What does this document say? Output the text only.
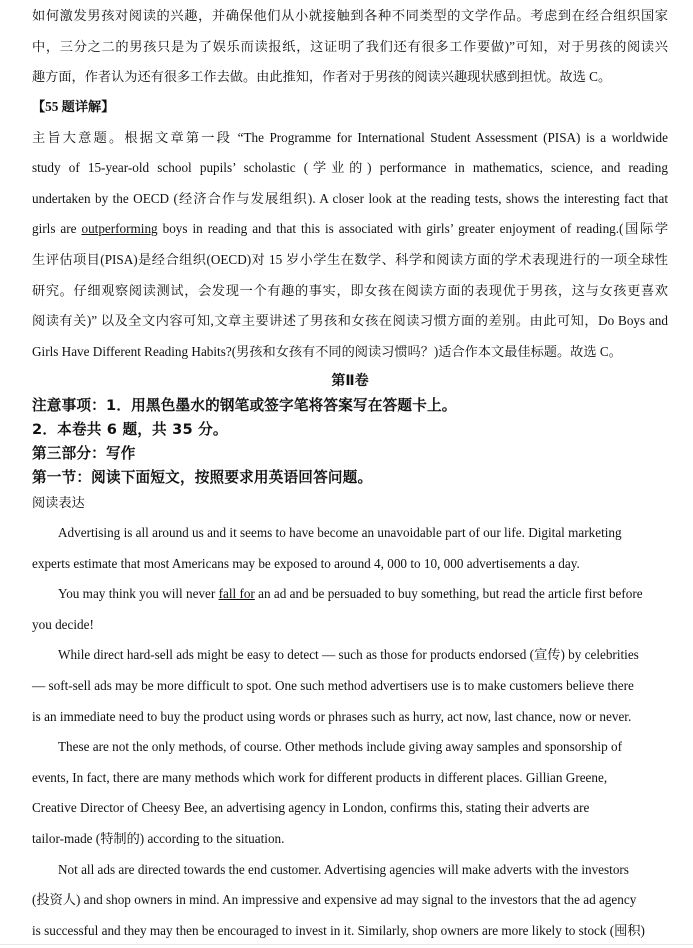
如何激发男孩对阅读的兴趣，并确保他们从小就接触到各种不同类型的文学作品。考虑到在经合组织国家
中，三分之二的男孩只是为了娱乐而读报纸，这证明了我们还有很多工作要做)”可知，对于男孩的阅读兴
趣方面，作者认为还有很多工作去做。由此推知，作者对于男孩的阅读兴趣现状感到担忧。故选 C。
【55 题详解】
主旨大意题。根据文章第一段 “The Programme for International Student Assessment (PISA) is a worldwide
study of 15-year-old school pupils’ scholastic (学业的) performance in mathematics, science, and reading
undertaken by the OECD (经济合作与发展组织). A closer look at the reading tests, shows the interesting fact that
girls are outperforming boys in reading and that this is associated with girls’ greater enjoyment of reading.(国际学
生评估项目(PISA)是经合组织(OECD)对 15 岁小学生在数学、科学和阅读方面的学术表现进行的一项全球性
研究。仔细观察阅读测试，会发现一个有趣的事实，即女孩在阅读方面的表现优于男孩，这与女孩更喜欢
阅读有关)” 以及全文内容可知,文章主要讲述了男孩和女孩在阅读习惯方面的差别。由此可知，Do Boys and
Girls Have Different Reading Habits?(男孩和女孩有不同的阅读习惯吗？)适合作本文最佳标题。故选 C。
第Ⅱ卷
注意事项：1．用黑色墨水的钢笔或签字笔将答案写在答题卡上。
2．本卷共 6 题，共 35 分。
第三部分：写作
第一节：阅读下面短文，按照要求用英语回答问题。
阅读表达
Advertising is all around us and it seems to have become an unavoidable part of our life. Digital marketing
experts estimate that most Americans may be exposed to around 4, 000 to 10, 000 advertisements a day.
You may think you will never fall for an ad and be persuaded to buy something, but read the article first before
you decide!
While direct hard-sell ads might be easy to detect — such as those for products endorsed (宣传) by celebrities
— soft-sell ads may be more difficult to spot. One such method advertisers use is to make customers believe there
is an immediate need to buy the product using words or phrases such as hurry, act now, last chance, now or never.
These are not the only methods, of course. Other methods include giving away samples and sponsorship of
events, In fact, there are many methods which work for different products in different places. Gillian Greene,
Creative Director of Cheesy Bee, an advertising agency in London, confirms this, stating their adverts are
tailor-made (特制的) according to the situation.
Not all ads are directed towards the end customer. Advertising agencies will make adverts with the investors
(投资人) and shop owners in mind. An impressive and expensive ad may signal to the investors that the ad agency
is successful and they may then be encouraged to invest in it. Similarly, shop owners are more likely to stock (囤积)
